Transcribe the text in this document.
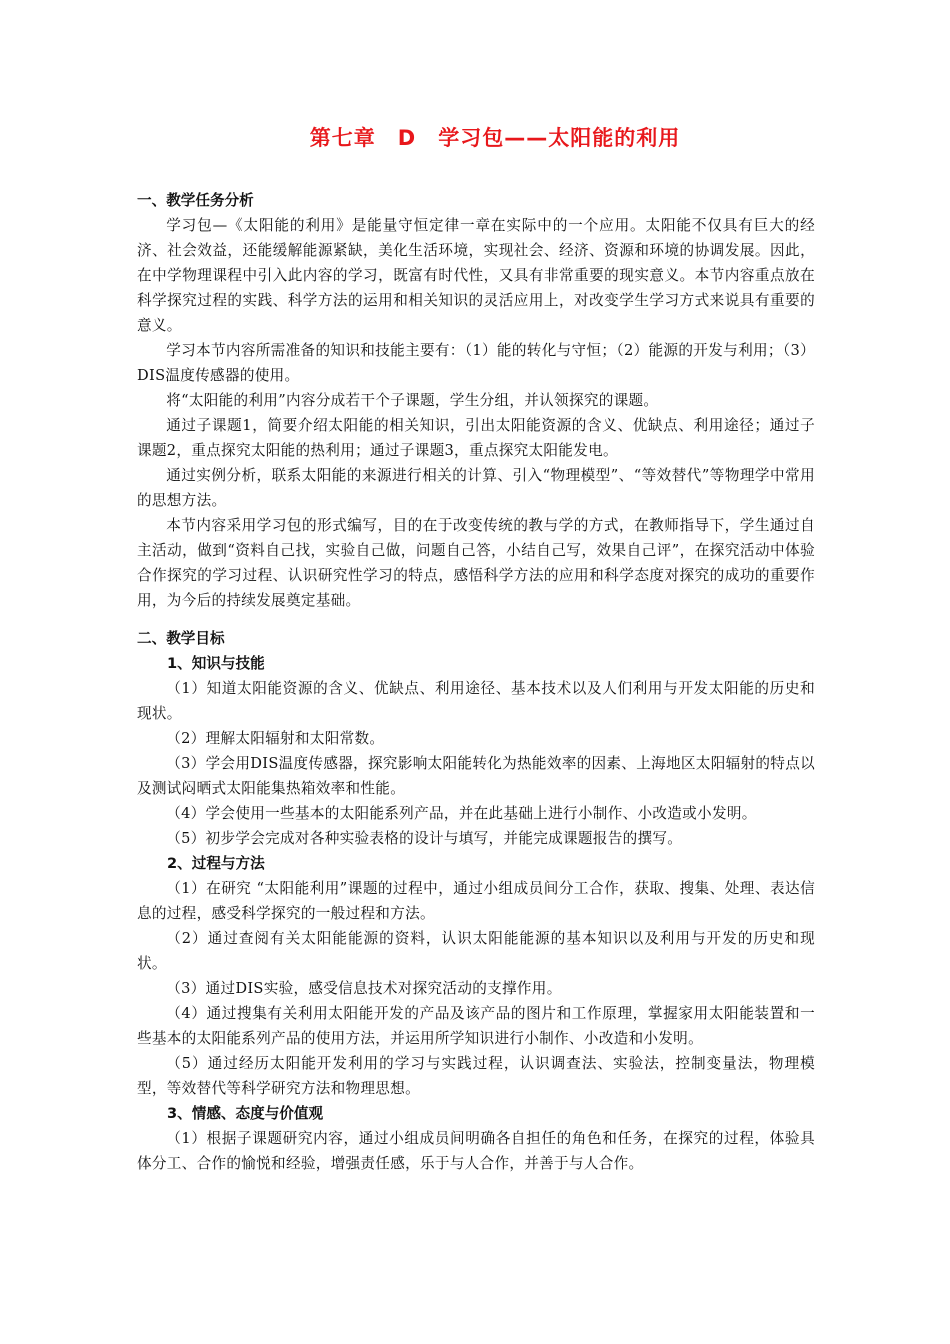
第七章　D　学习包——太阳能的利用
一、教学任务分析

学习包—《太阳能的利用》是能量守恒定律一章在实际中的一个应用。太阳能不仅具有巨大的经济、社会效益，还能缓解能源紧缺，美化生活环境，实现社会、经济、资源和环境的协调发展。因此，在中学物理课程中引入此内容的学习，既富有时代性，又具有非常重要的现实意义。本节内容重点放在科学探究过程的实践、科学方法的运用和相关知识的灵活应用上，对改变学生学习方式来说具有重要的意义。

学习本节内容所需准备的知识和技能主要有：（1）能的转化与守恒；（2）能源的开发与利用；（3）DIS温度传感器的使用。

将“太阳能的利用”内容分成若干个子课题，学生分组，并认领探究的课题。

通过子课题1，简要介绍太阳能的相关知识，引出太阳能资源的含义、优缺点、利用途径；通过子课题2，重点探究太阳能的热利用；通过子课题3，重点探究太阳能发电。

通过实例分析，联系太阳能的来源进行相关的计算、引入“物理模型”、“等效替代”等物理学中常用的思想方法。

本节内容采用学习包的形式编写，目的在于改变传统的教与学的方式，在教师指导下，学生通过自主活动，做到“资料自己找，实验自己做，问题自己答，小结自己写，效果自己评”，在探究活动中体验合作探究的学习过程、认识研究性学习的特点，感悟科学方法的应用和科学态度对探究的成功的重要作用，为今后的持续发展奠定基础。

二、教学目标
1、知识与技能

（1）知道太阳能资源的含义、优缺点、利用途径、基本技术以及人们利用与开发太阳能的历史和现状。

（2）理解太阳辐射和太阳常数。

（3）学会用DIS温度传感器，探究影响太阳能转化为热能效率的因素、上海地区太阳辐射的特点以及测试闷晒式太阳能集热箱效率和性能。

（4）学会使用一些基本的太阳能系列产品，并在此基础上进行小制作、小改造或小发明。

（5）初步学会完成对各种实验表格的设计与填写，并能完成课题报告的撰写。

2、过程与方法

（1）在研究 “太阳能利用”课题的过程中，通过小组成员间分工合作，获取、搜集、处理、表达信息的过程，感受科学探究的一般过程和方法。

（2）通过查阅有关太阳能能源的资料，认识太阳能能源的基本知识以及利用与开发的历史和现状。

（3）通过DIS实验，感受信息技术对探究活动的支撑作用。

（4）通过搜集有关利用太阳能开发的产品及该产品的图片和工作原理，掌握家用太阳能装置和一些基本的太阳能系列产品的使用方法，并运用所学知识进行小制作、小改造和小发明。

（5）通过经历太阳能开发利用的学习与实践过程，认识调查法、实验法，控制变量法，物理模型，等效替代等科学研究方法和物理思想。

3、情感、态度与价值观

（1）根据子课题研究内容，通过小组成员间明确各自担任的角色和任务，在探究的过程，体验具体分工、合作的愉悦和经验，增强责任感，乐于与人合作，并善于与人合作。
